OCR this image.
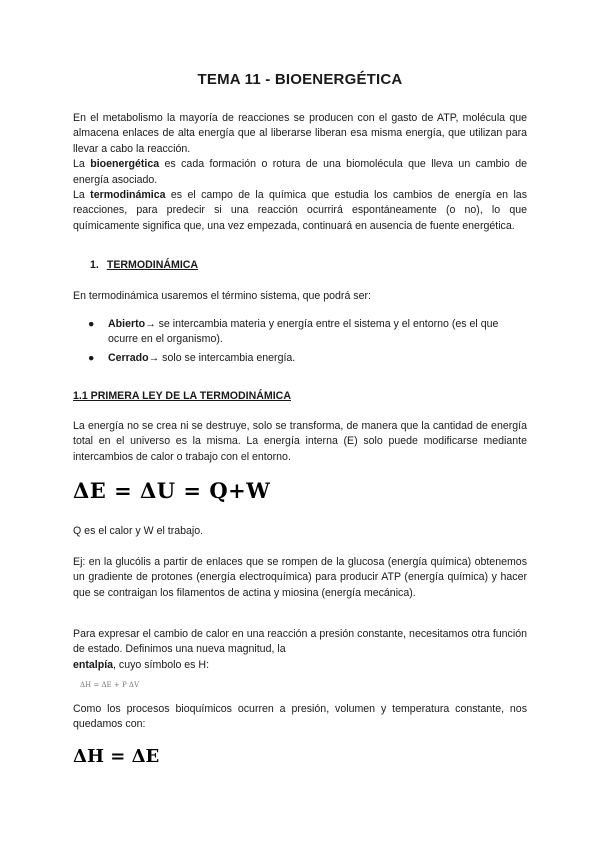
TEMA 11 - BIOENERGÉTICA
En el metabolismo la mayoría de reacciones se producen con el gasto de ATP, molécula que almacena enlaces de alta energía que al liberarse liberan esa misma energía, que utilizan para llevar a cabo la reacción.
La bioenergética es cada formación o rotura de una biomolécula que lleva un cambio de energía asociado.
La termodinámica es el campo de la química que estudia los cambios de energía en las reacciones, para predecir si una reacción ocurrirá espontáneamente (o no), lo que químicamente significa que, una vez empezada, continuará en ausencia de fuente energética.
1. TERMODINÁMICA
En termodinámica usaremos el término sistema, que podrá ser:
● Abierto→ se intercambia materia y energía entre el sistema y el entorno (es el que ocurre en el organismo).
● Cerrado→ solo se intercambia energía.
1.1 PRIMERA LEY DE LA TERMODINÁMICA
La energía no se crea ni se destruye, solo se transforma, de manera que la cantidad de energía total en el universo es la misma. La energía interna (E) solo puede modificarse mediante intercambios de calor o trabajo con el entorno.
ΔE = ΔU = Q+W
Q es el calor y W el trabajo.
Ej: en la glucólis a partir de enlaces que se rompen de la glucosa (energía química) obtenemos un gradiente de protones (energía electroquímica) para producir ATP (energía química) y hacer que se contraigan los filamentos de actina y miosina (energía mecánica).
Para expresar el cambio de calor en una reacción a presión constante, necesitamos otra función de estado. Definimos una nueva magnitud, la
entalpía, cuyo símbolo es H:
ΔH = ΔE + P ΔV
Como los procesos bioquímicos ocurren a presión, volumen y temperatura constante, nos quedamos con:
ΔH = ΔE
